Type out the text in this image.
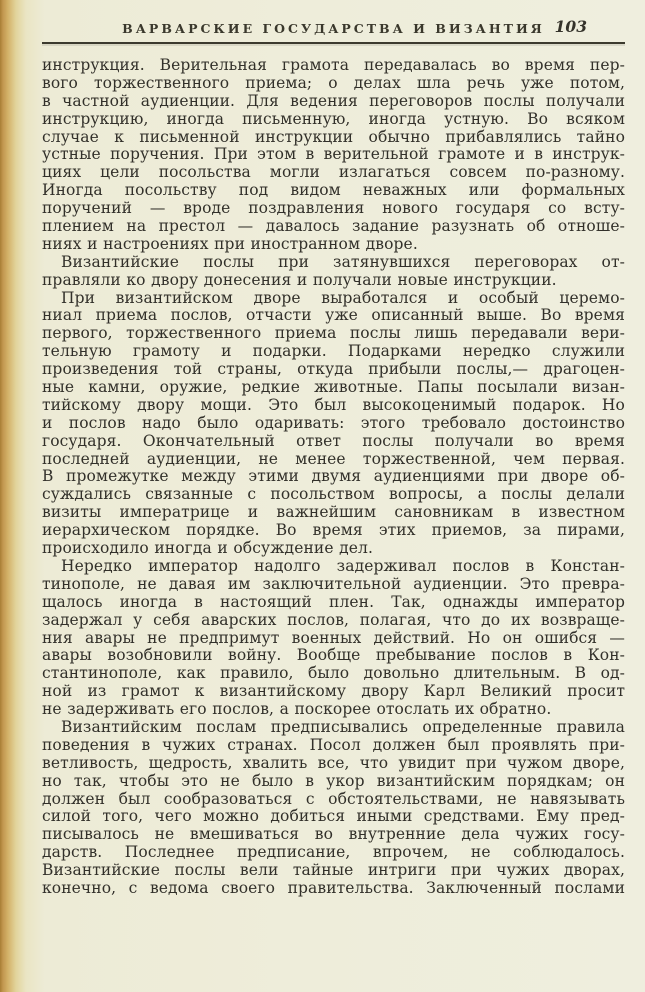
ВАРВАРСКИЕ ГОСУДАРСТВА И ВИЗАНТИЯ 103
инструкция. Верительная грамота передавалась во время пер-
вого торжественного приема; о делах шла речь уже потом,
в частной аудиенции. Для ведения переговоров послы получали
инструкцию, иногда письменную, иногда устную. Во всяком
случае к письменной инструкции обычно прибавлялись тайно
устные поручения. При этом в верительной грамоте и в инструк-
циях цели посольства могли излагаться совсем по-разному.
Иногда посольству под видом неважных или формальных
поручений — вроде поздравления нового государя со всту-
плением на престол — давалось задание разузнать об отноше-
ниях и настроениях при иностранном дворе.
Византийские послы при затянувшихся переговорах от-
правляли ко двору донесения и получали новые инструкции.
При византийском дворе выработался и особый церемо-
ниал приема послов, отчасти уже описанный выше. Во время
первого, торжественного приема послы лишь передавали вери-
тельную грамоту и подарки. Подарками нередко служили
произведения той страны, откуда прибыли послы,— драгоцен-
ные камни, оружие, редкие животные. Папы посылали визан-
тийскому двору мощи. Это был высокоценимый подарок. Но
и послов надо было одаривать: этого требовало достоинство
государя. Окончательный ответ послы получали во время
последней аудиенции, не менее торжественной, чем первая.
В промежутке между этими двумя аудиенциями при дворе об-
суждались связанные с посольством вопросы, а послы делали
визиты императрице и важнейшим сановникам в известном
иерархическом порядке. Во время этих приемов, за пирами,
происходило иногда и обсуждение дел.
Нередко император надолго задерживал послов в Констан-
тинополе, не давая им заключительной аудиенции. Это превра-
щалось иногда в настоящий плен. Так, однажды император
задержал у себя аварских послов, полагая, что до их возвраще-
ния авары не предпримут военных действий. Но он ошибся —
авары возобновили войну. Вообще пребывание послов в Кон-
стантинополе, как правило, было довольно длительным. В од-
ной из грамот к византийскому двору Карл Великий просит
не задерживать его послов, а поскорее отослать их обратно.
Византийским послам предписывались определенные правила
поведения в чужих странах. Посол должен был проявлять при-
ветливость, щедрость, хвалить все, что увидит при чужом дворе,
но так, чтобы это не было в укор византийским порядкам; он
должен был сообразоваться с обстоятельствами, не навязывать
силой того, чего можно добиться иными средствами. Ему пред-
писывалось не вмешиваться во внутренние дела чужих госу-
дарств. Последнее предписание, впрочем, не соблюдалось.
Византийские послы вели тайные интриги при чужих дворах,
конечно, с ведома своего правительства. Заключенный послами
